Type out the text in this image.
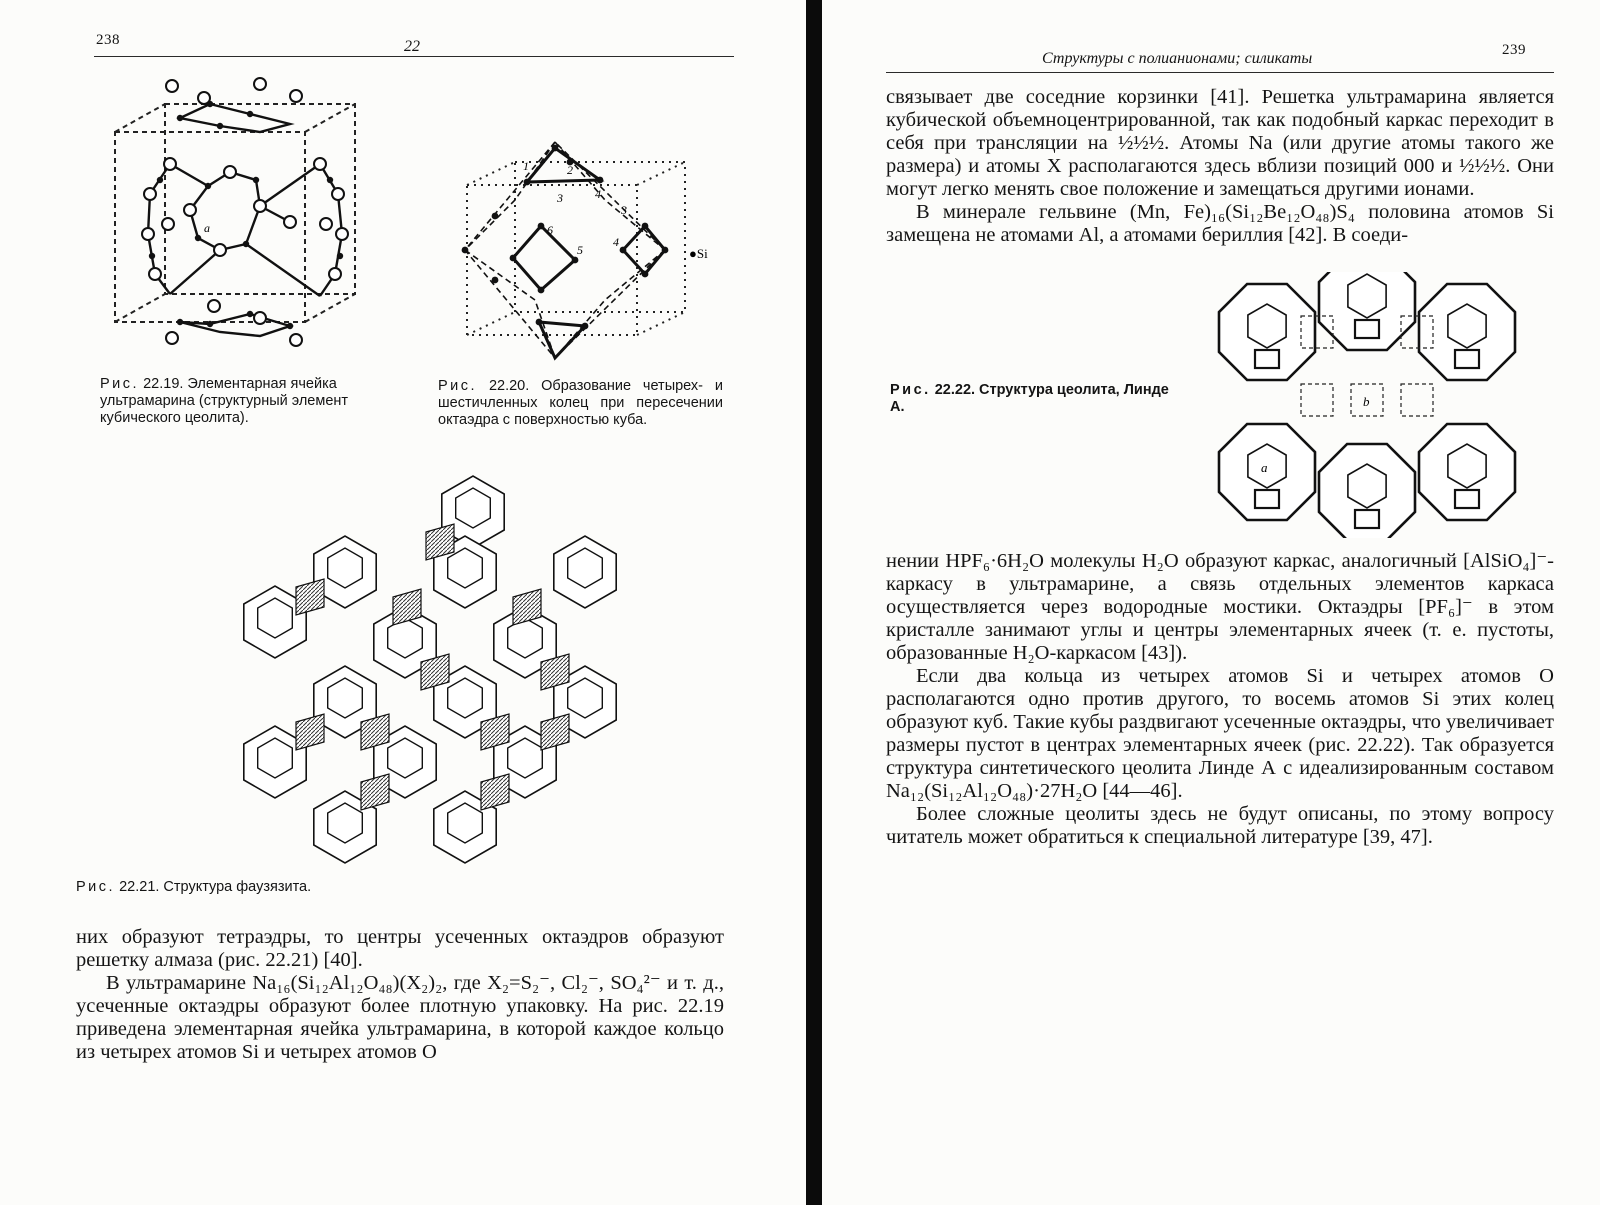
238	22
a
Рис. 22.19. Элементарная ячейка ультрамарина (структурный элемент кубического цеолита).
1	2
3	4
5
6
3
4
●Si
Рис. 22.20. Образование четырех- и шестичленных колец при пересечении октаэдра с поверхностью куба.
Рис. 22.21. Структура фаузязита.

них образуют тетраэдры, то центры усеченных октаэдров образуют решетку алмаза (рис. 22.21) [40].

В ультрамарине Na₁₆(Si₁₂Al₁₂O₄₈)(X₂)₂, где X₂=S₂⁻, Cl₂⁻, SO₄²⁻ и т. д., усеченные октаэдры образуют более плотную упаковку. На рис. 22.19 приведена элементарная ячейка ультрамарина, в которой каждое кольцо из четырех атомов Si и четырех атомов O

Структуры с полианионами; силикаты	239

связывает две соседние корзинки [41]. Решетка ультрамарина является кубической объемноцентрированной, так как подобный каркас переходит в себя при трансляции на ½½½. Атомы Na (или другие атомы такого же размера) и атомы X располагаются здесь вблизи позиций 000 и ½½½. Они могут легко менять свое положение и замещаться другими ионами.

В минерале гельвине (Mn, Fe)₁₆(Si₁₂Be₁₂O₄₈)S₄ половина атомов Si замещена не атомами Al, а атомами бериллия [42]. В соеди-

Рис. 22.22. Структура цеолита, Линде А.
a
b

нении HPF₆·6H₂O молекулы H₂O образуют каркас, аналогичный [AlSiO₄]⁻-каркасу в ультрамарине, а связь отдельных элементов каркаса осуществляется через водородные мостики. Октаэдры [PF₆]⁻ в этом кристалле занимают углы и центры элементарных ячеек (т. е. пустоты, образованные H₂O-каркасом [43]).

Если два кольца из четырех атомов Si и четырех атомов O располагаются одно против другого, то восемь атомов Si этих колец образуют куб. Такие кубы раздвигают усеченные октаэдры, что увеличивает размеры пустот в центрах элементарных ячеек (рис. 22.22). Так образуется структура синтетического цеолита Линде А с идеализированным составом Na₁₂(Si₁₂Al₁₂O₄₈)·27H₂O [44—46].

Более сложные цеолиты здесь не будут описаны, по этому вопросу читатель может обратиться к специальной литературе [39, 47].
